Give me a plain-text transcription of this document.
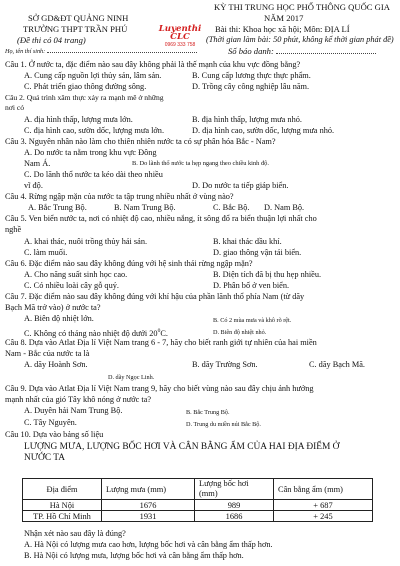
KỲ THI TRUNG HỌC PHỔ THÔNG QUỐC GIA
NĂM 2017
SỞ GD&ĐT QUẢNG NINH
TRƯỜNG THPT TRẦN PHÚ	Bài thi: Khoa học xã hội; Môn: ĐỊA LÍ
(Đề thi có 04 trang)
Luyenthi CLC
0969 333 758
(Thời gian làm bài: 50 phút, không kể thời gian phát đề)
Họ, tên thí sinh:	Số báo danh:
Câu 1. Ở nước ta, đặc điểm nào sau đây không phải là thế mạnh của khu vực đồng bằng?
A. Cung cấp nguồn lợi thủy sản, lâm sản.	B. Cung cấp lương thực thực phẩm.
C. Phát triển giao thông đường sông.	D. Trồng cây công nghiệp lâu năm.
Câu 2. Quá trình xâm thực xảy ra mạnh mẽ ở những
nơi có
A. địa hình thấp, lượng mưa lớn.	B. địa hình thấp, lượng mưa nhỏ.
C. địa hình cao, sườn dốc, lượng mưa lớn.	D. địa hình cao, sườn dốc, lượng mưa nhỏ.
Câu 3. Nguyên nhân nào làm cho thiên nhiên nước ta có sự phân hóa Bắc - Nam?
A. Do nước ta nằm trong khu vực Đông
Nam Á.	B. Do lãnh thổ nước ta hẹp ngang theo chiều kinh độ.
C. Do lãnh thổ nước ta kéo dài theo nhiều
vĩ độ.	D. Do nước ta tiếp giáp biển.
Câu 4. Rừng ngập mặn của nước ta tập trung nhiều nhất ở vùng nào?
A. Bắc Trung Bộ.	B. Nam Trung Bộ.	C. Bắc Bộ. D. Nam Bộ.
Câu 5. Ven biển nước ta, nơi có nhiệt độ cao, nhiều nắng, ít sông đổ ra biển thuận lợi nhất cho
nghề
A. khai thác, nuôi trồng thủy hải sản.	B. khai thác dầu khí.
C. làm muối.	D. giao thông vận tải biển.
Câu 6. Đặc điểm nào sau đây không đúng với hệ sinh thái rừng ngập mặn?
A. Cho năng suất sinh học cao.	B. Diện tích đã bị thu hẹp nhiều.
C. Có nhiều loài cây gỗ quý.	D. Phân bố ở ven biển.
Câu 7. Đặc điểm nào sau đây không đúng với khí hậu của phần lãnh thổ phía Nam (từ dãy
Bạch Mã trở vào) ở nước ta?
A. Biên độ nhiệt lớn.	B. Có 2 mùa mưa và khô rõ rệt.
C. Không có tháng nào nhiệt độ dưới $20^0C$.	D. Biên độ nhiệt nhỏ.
Câu 8. Dựa vào Atlat Địa lí Việt Nam trang 6 - 7, hãy cho biết ranh giới tự nhiên của hai miền
Nam - Bắc của nước ta là
A. dãy Hoành Sơn.	B. dãy Trường Sơn.	C. dãy Bạch Mã.
D. dãy Ngọc Linh.
Câu 9. Dựa vào Atlat Địa lí Việt Nam trang 9, hãy cho biết vùng nào sau đây chịu ảnh hưởng
mạnh nhất của gió Tây khô nóng ở nước ta?
A. Duyên hải Nam Trung Bộ.	B. Bắc Trung Bộ.
C. Tây Nguyên.	D. Trung du miền núi Bắc Bộ.
Câu 10. Dựa vào bảng số liệu
LƯỢNG MƯA, LƯỢNG BỐC HƠI VÀ CÂN BẰNG ẨM CỦA HAI ĐỊA ĐIỂM Ở
NƯỚC TA
Địa điểm	Lượng mưa (mm)	Lượng bốc hơi (mm)	Cân bằng ẩm (mm)
Hà Nội	1676	989	+ 687
TP. Hồ Chí Minh	1931	1686	+ 245
Nhận xét nào sau đây là đúng?
A. Hà Nội có lượng mưa cao hơn, lượng bốc hơi và cân bằng ẩm thấp hơn.
B. Hà Nội có lượng mưa, lượng bốc hơi và cân bằng ẩm thấp hơn.
